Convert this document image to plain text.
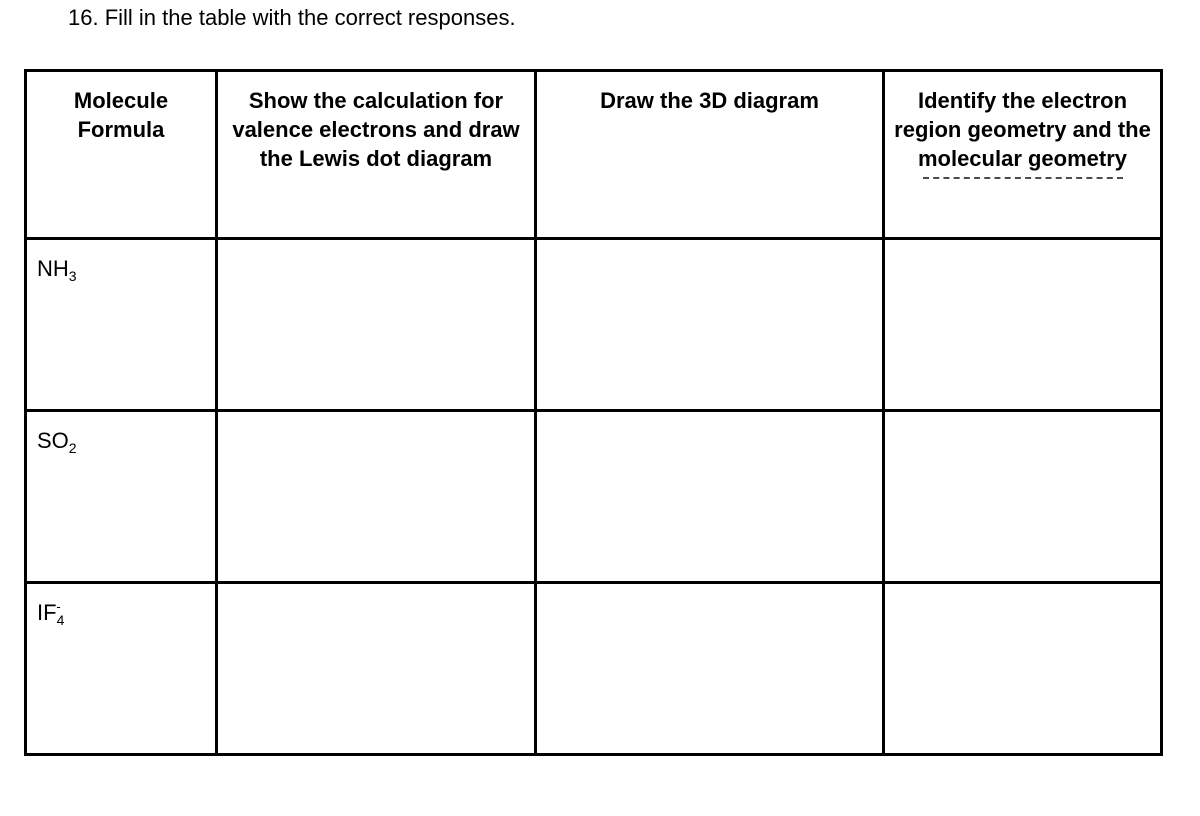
16. Fill in the table with the correct responses.
Molecule Formula	Show the calculation for valence electrons and draw the Lewis dot diagram	Draw the 3D diagram	Identify the electron region geometry and the molecular geometry

$NH_3$			
$SO_2$			
$IF_4^-$			
